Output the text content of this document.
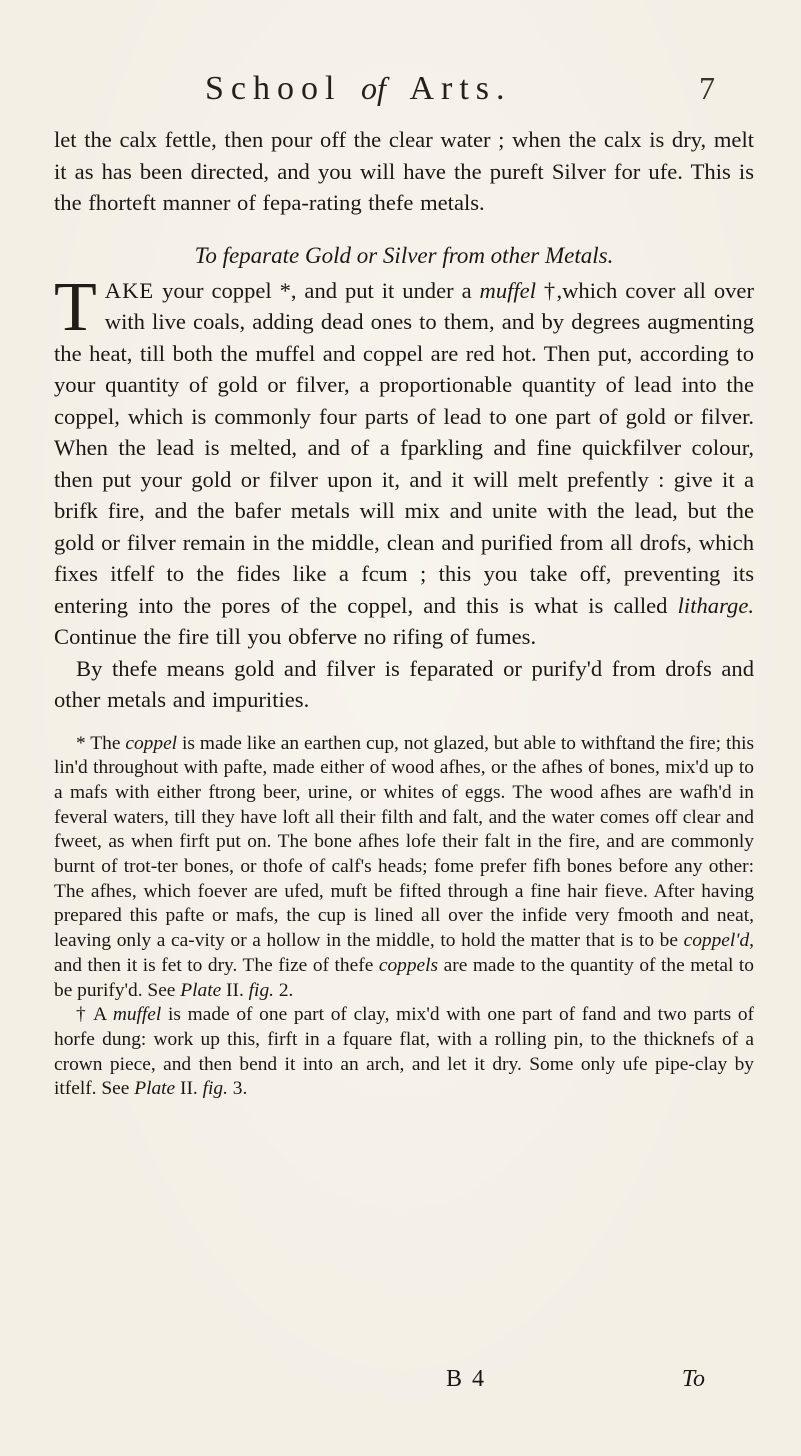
School of Arts.	7

let the calx fettle, then pour off the clear water ; when the calx is dry, melt it as has been directed, and you will have the pureft Silver for ufe. This is the fhorteft manner of fepa-rating thefe metals.

To feparate Gold or Silver from other Metals.

TAKE your coppel *, and put it under a muffel †,which cover all over with live coals, adding dead ones to them, and by degrees augmenting the heat, till both the muffel and coppel are red hot. Then put, according to your quantity of gold or filver, a proportionable quantity of lead into the coppel, which is commonly four parts of lead to one part of gold or filver. When the lead is melted, and of a fparkling and fine quickfilver colour, then put your gold or filver upon it, and it will melt prefently : give it a brifk fire, and the bafer metals will mix and unite with the lead, but the gold or filver remain in the middle, clean and purified from all drofs, which fixes itfelf to the fides like a fcum ; this you take off, preventing its entering into the pores of the coppel, and this is what is called litharge. Continue the fire till you obferve no rifing of fumes.

By thefe means gold and filver is feparated or purify'd from drofs and other metals and impurities.

* The coppel is made like an earthen cup, not glazed, but able to withftand the fire; this lin'd throughout with pafte, made either of wood afhes, or the afhes of bones, mix'd up to a mafs with either ftrong beer, urine, or whites of eggs. The wood afhes are wafh'd in feveral waters, till they have loft all their filth and falt, and the water comes off clear and fweet, as when firft put on. The bone afhes lofe their falt in the fire, and are commonly burnt of trot-ter bones, or thofe of calf's heads; fome prefer fifh bones before any other: The afhes, which foever are ufed, muft be fifted through a fine hair fieve. After having prepared this pafte or mafs, the cup is lined all over the infide very fmooth and neat, leaving only a ca-vity or a hollow in the middle, to hold the matter that is to be coppel'd, and then it is fet to dry. The fize of thefe coppels are made to the quantity of the metal to be purify'd. See Plate II. fig. 2.

† A muffel is made of one part of clay, mix'd with one part of fand and two parts of horfe dung: work up this, firft in a fquare flat, with a rolling pin, to the thicknefs of a crown piece, and then bend it into an arch, and let it dry. Some only ufe pipe-clay by itfelf. See Plate II. fig. 3.

B 4	To
